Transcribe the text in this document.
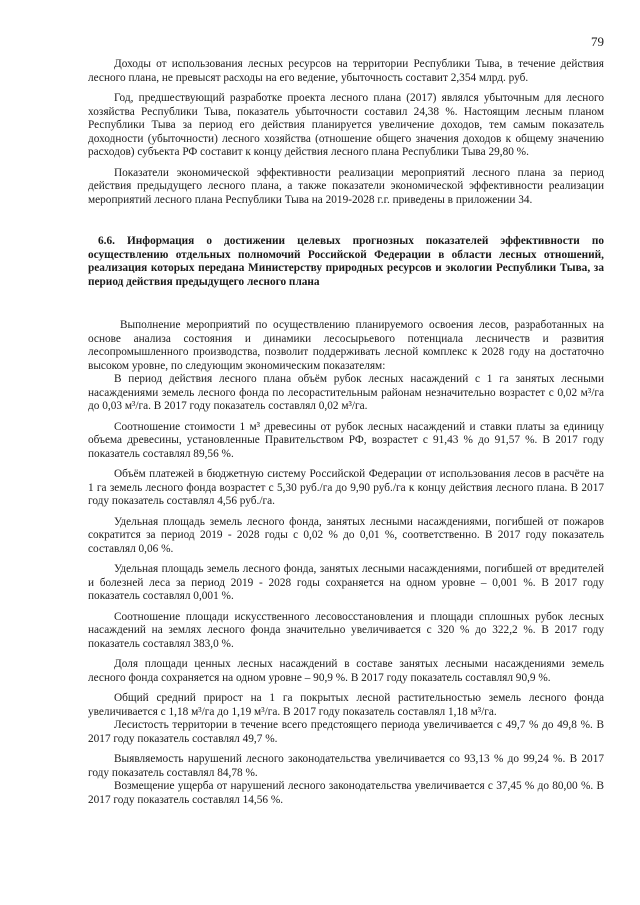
79

Доходы от использования лесных ресурсов на территории Республики Тыва, в течение действия лесного плана, не превысят расходы на его ведение, убыточность составит 2,354 млрд. руб.

Год, предшествующий разработке проекта лесного плана (2017) являлся убыточным для лесного хозяйства Республики Тыва, показатель убыточности составил 24,38 %. Настоящим лесным планом Республики Тыва за период его действия планируется увеличение доходов, тем самым показатель доходности (убыточности) лесного хозяйства (отношение общего значения доходов к общему значению расходов) субъекта РФ составит к концу действия лесного плана Республики Тыва 29,80 %.

Показатели экономической эффективности реализации мероприятий лесного плана за период действия предыдущего лесного плана, а также показатели экономической эффективности реализации мероприятий лесного плана Республики Тыва на 2019-2028 г.г. приведены в приложении 34.

6.6. Информация о достижении целевых прогнозных показателей эффективности по осуществлению отдельных полномочий Российской Федерации в области лесных отношений, реализация которых передана Министерству природных ресурсов и экологии Республики Тыва, за период действия предыдущего лесного плана

Выполнение мероприятий по осуществлению планируемого освоения лесов, разработанных на основе анализа состояния и динамики лесосырьевого потенциала лесничеств и развития лесопромышленного производства, позволит поддерживать лесной комплекс к 2028 году на достаточно высоком уровне, по следующим экономическим показателям:

В период действия лесного плана объём рубок лесных насаждений с 1 га занятых лесными насаждениями земель лесного фонда по лесорастительным районам незначительно возрастет с 0,02 м³/га до 0,03 м³/га. В 2017 году показатель составлял 0,02 м³/га.

Соотношение стоимости 1 м³ древесины от рубок лесных насаждений и ставки платы за единицу объема древесины, установленные Правительством РФ, возрастет с 91,43 % до 91,57 %. В 2017 году показатель составлял 89,56 %.

Объём платежей в бюджетную систему Российской Федерации от использования лесов в расчёте на 1 га земель лесного фонда возрастет с 5,30 руб./га до 9,90 руб./га к концу действия лесного плана. В 2017 году показатель составлял 4,56 руб./га.

Удельная площадь земель лесного фонда, занятых лесными насаждениями, погибшей от пожаров сократится за период 2019 - 2028 годы с 0,02 % до 0,01 %, соответственно. В 2017 году показатель составлял 0,06 %.

Удельная площадь земель лесного фонда, занятых лесными насаждениями, погибшей от вредителей и болезней леса за период 2019 - 2028 годы сохраняется на одном уровне – 0,001 %. В 2017 году показатель составлял 0,001 %.

Соотношение площади искусственного лесовосстановления и площади сплошных рубок лесных насаждений на землях лесного фонда значительно увеличивается с 320 % до 322,2 %. В 2017 году показатель составлял 383,0 %.

Доля площади ценных лесных насаждений в составе занятых лесными насаждениями земель лесного фонда сохраняется на одном уровне – 90,9 %. В 2017 году показатель составлял 90,9 %.

Общий средний прирост на 1 га покрытых лесной растительностью земель лесного фонда увеличивается с 1,18 м³/га до 1,19 м³/га. В 2017 году показатель составлял 1,18 м³/га.

Лесистость территории в течение всего предстоящего периода увеличивается с 49,7 % до 49,8 %. В 2017 году показатель составлял 49,7 %.

Выявляемость нарушений лесного законодательства увеличивается со 93,13 % до 99,24 %. В 2017 году показатель составлял 84,78 %.

Возмещение ущерба от нарушений лесного законодательства увеличивается с 37,45 % до 80,00 %. В 2017 году показатель составлял 14,56 %.
